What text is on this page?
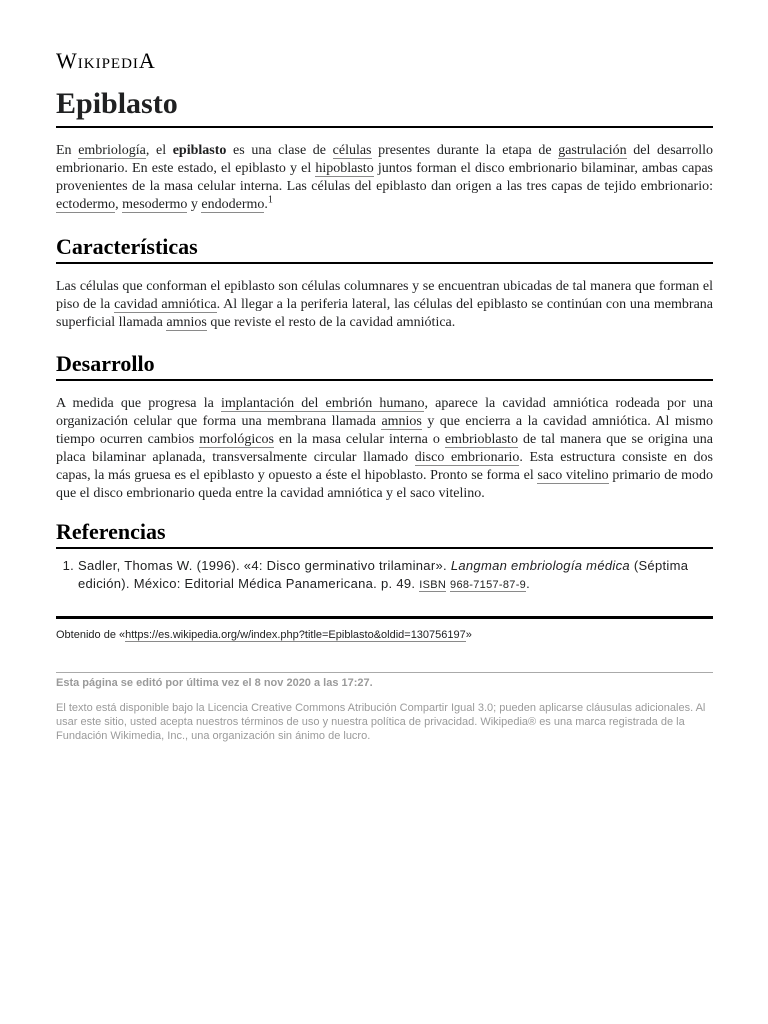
WikipediA
Epiblasto

En embriología, el epiblasto es una clase de células presentes durante la etapa de gastrulación del desarrollo embrionario. En este estado, el epiblasto y el hipoblasto juntos forman el disco embrionario bilaminar, ambas capas provenientes de la masa celular interna. Las células del epiblasto dan origen a las tres capas de tejido embrionario: ectodermo, mesodermo y endodermo.$^1$

Características

Las células que conforman el epiblasto son células columnares y se encuentran ubicadas de tal manera que forman el piso de la cavidad amniótica. Al llegar a la periferia lateral, las células del epiblasto se continúan con una membrana superficial llamada amnios que reviste el resto de la cavidad amniótica.

Desarrollo

A medida que progresa la implantación del embrión humano, aparece la cavidad amniótica rodeada por una organización celular que forma una membrana llamada amnios y que encierra a la cavidad amniótica. Al mismo tiempo ocurren cambios morfológicos en la masa celular interna o embrioblasto de tal manera que se origina una placa bilaminar aplanada, transversalmente circular llamado disco embrionario. Esta estructura consiste en dos capas, la más gruesa es el epiblasto y opuesto a éste el hipoblasto. Pronto se forma el saco vitelino primario de modo que el disco embrionario queda entre la cavidad amniótica y el saco vitelino.

Referencias
1. Sadler, Thomas W. (1996). «4: Disco germinativo trilaminar». Langman embriología médica (Séptima edición). México: Editorial Médica Panamericana. p. 49. ISBN 968-7157-87-9.
Obtenido de «https://es.wikipedia.org/w/index.php?title=Epiblasto&oldid=130756197»
Esta página se editó por última vez el 8 nov 2020 a las 17:27.

El texto está disponible bajo la Licencia Creative Commons Atribución Compartir Igual 3.0; pueden aplicarse cláusulas adicionales. Al usar este sitio, usted acepta nuestros términos de uso y nuestra política de privacidad. Wikipedia® es una marca registrada de la Fundación Wikimedia, Inc., una organización sin ánimo de lucro.
